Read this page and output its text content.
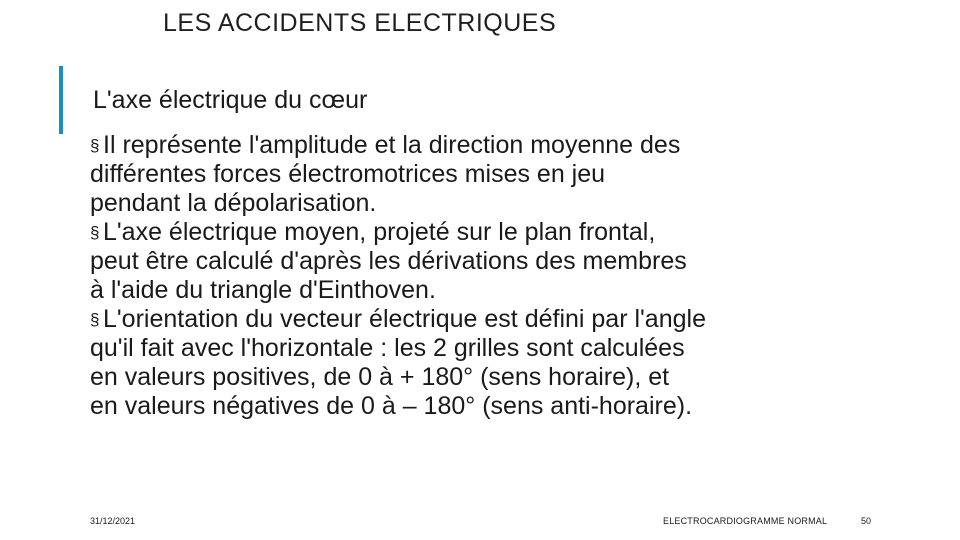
LES ACCIDENTS ELECTRIQUES
L'axe électrique du cœur
§ Il représente l'amplitude et la direction moyenne des
différentes forces électromotrices mises en jeu
pendant la dépolarisation.
§ L'axe électrique moyen, projeté sur le plan frontal,
peut être calculé d'après les dérivations des membres
à l'aide du triangle d'Einthoven.
§ L'orientation du vecteur électrique est défini par l'angle
qu'il fait avec l'horizontale : les 2 grilles sont calculées
en valeurs positives, de 0 à + 180° (sens horaire), et
en valeurs négatives de 0 à – 180° (sens anti-horaire).
31/12/2021	ELECTROCARDIOGRAMME NORMAL	50
